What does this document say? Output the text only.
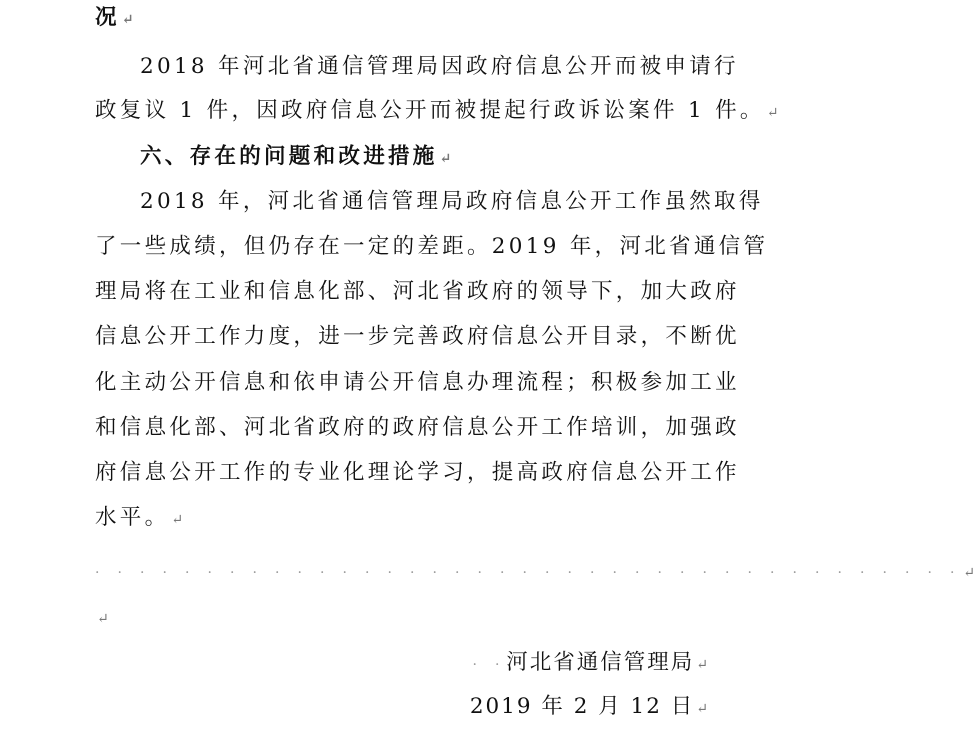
况 ↵
2018 年河北省通信管理局因政府信息公开而被申请行
政复议 1 件，因政府信息公开而被提起行政诉讼案件 1 件。 ↵
六、存在的问题和改进措施 ↵
2018 年，河北省通信管理局政府信息公开工作虽然取得
了一些成绩，但仍存在一定的差距。2019 年，河北省通信管
理局将在工业和信息化部、河北省政府的领导下，加大政府
信息公开工作力度，进一步完善政府信息公开目录，不断优
化主动公开信息和依申请公开信息办理流程；积极参加工业
和信息化部、河北省政府的政府信息公开工作培训，加强政
府信息公开工作的专业化理论学习，提高政府信息公开工作
水平。 ↵
· · · · · · · · · · · · · · · · · · · · · · · · · · · · · · · · · · · · · · · ↵
↵
· ·河北省通信管理局 ↵
2019 年 2 月 12 日 ↵
